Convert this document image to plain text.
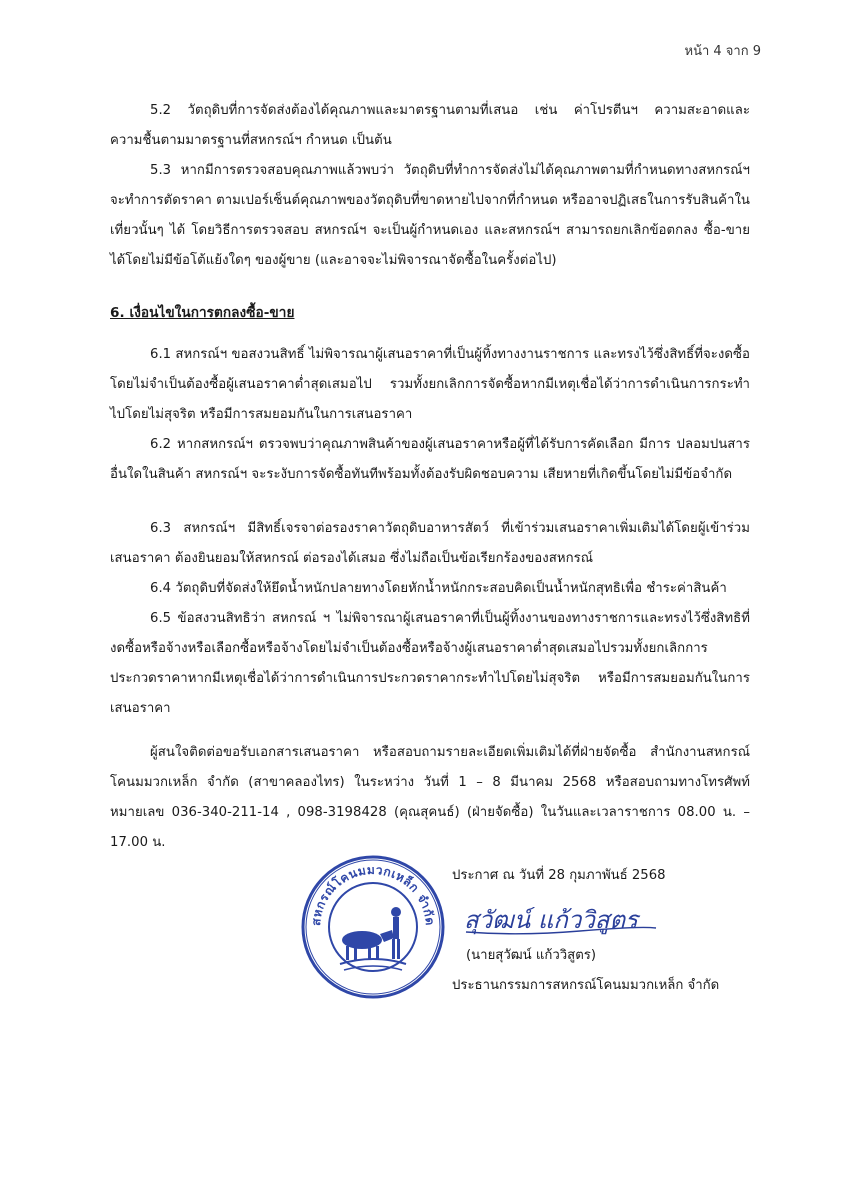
หน้า 4 จาก 9

5.2 วัตถุดิบที่การจัดส่งต้องได้คุณภาพและมาตรฐานตามที่เสนอ เช่น ค่าโปรตีนฯ ความสะอาดและความชื้นตามมาตรฐานที่สหกรณ์ฯ กำหนด เป็นต้น

5.3 หากมีการตรวจสอบคุณภาพแล้วพบว่า วัตถุดิบที่ทำการจัดส่งไม่ได้คุณภาพตามที่กำหนดทางสหกรณ์ฯ จะทำการตัดราคา ตามเปอร์เซ็นต์คุณภาพของวัตถุดิบที่ขาดหายไปจากที่กำหนด หรืออาจปฏิเสธในการรับสินค้าในเที่ยวนั้นๆ ได้ โดยวิธีการตรวจสอบ สหกรณ์ฯ จะเป็นผู้กำหนดเอง และสหกรณ์ฯ สามารถยกเลิกข้อตกลง ซื้อ-ขายได้โดยไม่มีข้อโต้แย้งใดๆ ของผู้ขาย (และอาจจะไม่พิจารณาจัดซื้อในครั้งต่อไป)

6. เงื่อนไขในการตกลงซื้อ-ขาย

6.1 สหกรณ์ฯ ขอสงวนสิทธิ์ ไม่พิจารณาผู้เสนอราคาที่เป็นผู้ทิ้งทางงานราชการ และทรงไว้ซึ่งสิทธิ์ที่จะงดซื้อโดยไม่จำเป็นต้องซื้อผู้เสนอราคาต่ำสุดเสมอไป รวมทั้งยกเลิกการจัดซื้อหากมีเหตุเชื่อได้ว่าการดำเนินการกระทำไปโดยไม่สุจริต หรือมีการสมยอมกันในการเสนอราคา

6.2 หากสหกรณ์ฯ ตรวจพบว่าคุณภาพสินค้าของผู้เสนอราคาหรือผู้ที่ได้รับการคัดเลือก มีการ ปลอมปนสารอื่นใดในสินค้า สหกรณ์ฯ จะระงับการจัดซื้อทันทีพร้อมทั้งต้องรับผิดชอบความ เสียหายที่เกิดขึ้นโดยไม่มีข้อจำกัด

6.3 สหกรณ์ฯ มีสิทธิ์เจรจาต่อรองราคาวัตถุดิบอาหารสัตว์ ที่เข้าร่วมเสนอราคาเพิ่มเติมได้โดยผู้เข้าร่วมเสนอราคา ต้องยินยอมให้สหกรณ์ ต่อรองได้เสมอ ซึ่งไม่ถือเป็นข้อเรียกร้องของสหกรณ์

6.4 วัตถุดิบที่จัดส่งให้ยึดน้ำหนักปลายทางโดยหักน้ำหนักกระสอบคิดเป็นน้ำหนักสุทธิเพื่อ ชำระค่าสินค้า

6.5 ข้อสงวนสิทธิว่า สหกรณ์ ฯ ไม่พิจารณาผู้เสนอราคาที่เป็นผู้ทิ้งงานของทางราชการและทรงไว้ซึ่งสิทธิที่งดซื้อหรือจ้างหรือเลือกซื้อหรือจ้างโดยไม่จำเป็นต้องซื้อหรือจ้างผู้เสนอราคาต่ำสุดเสมอไปรวมทั้งยกเลิกการประกวดราคาหากมีเหตุเชื่อได้ว่าการดำเนินการประกวดราคากระทำไปโดยไม่สุจริต หรือมีการสมยอมกันในการเสนอราคา

ผู้สนใจติดต่อขอรับเอกสารเสนอราคา หรือสอบถามรายละเอียดเพิ่มเติมได้ที่ฝ่ายจัดซื้อ สำนักงานสหกรณ์โคนมมวกเหล็ก จำกัด (สาขาคลองไทร) ในระหว่าง วันที่ 1 – 8 มีนาคม 2568 หรือสอบถามทางโทรศัพท์ หมายเลข 036-340-211-14 , 098-3198428 (คุณสุคนธ์) (ฝ่ายจัดซื้อ) ในวันและเวลาราชการ 08.00 น. – 17.00 น.

สหกรณ์โคนมมวกเหล็ก จำกัด
ประกาศ ณ วันที่ 28 กุมภาพันธ์ 2568
สุวัฒน์ แก้ววิสูตร
(นายสุวัฒน์ แก้ววิสูตร)
ประธานกรรมการสหกรณ์โคนมมวกเหล็ก จำกัด
